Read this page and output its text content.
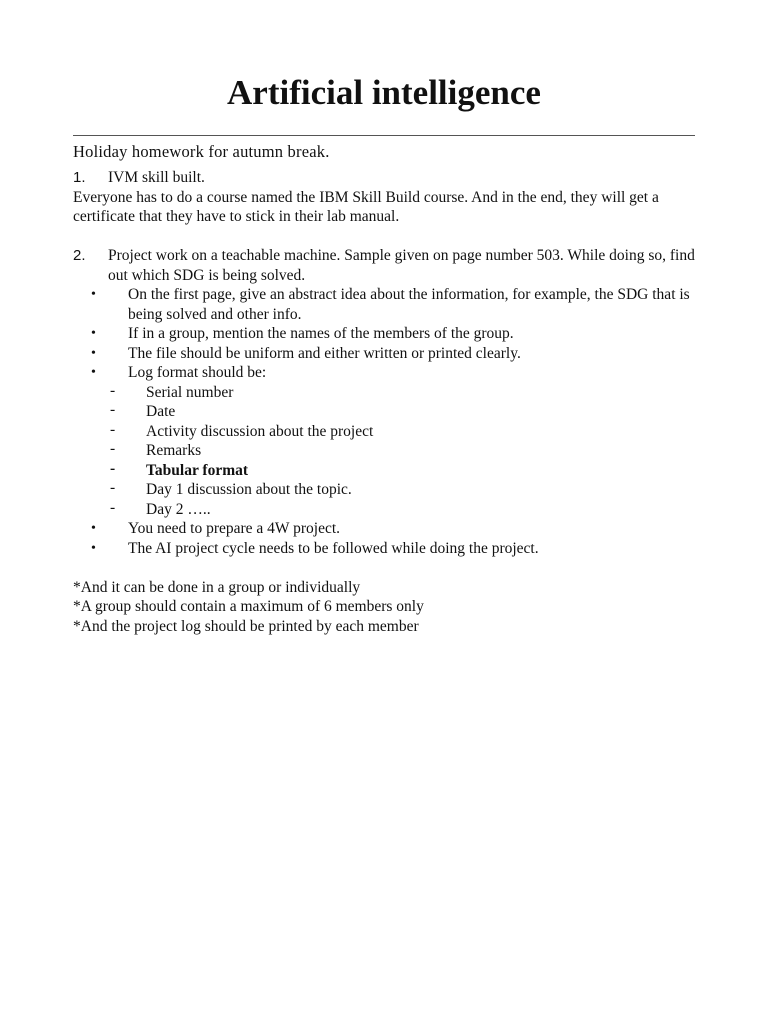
Artificial intelligence

Holiday homework for autumn break.

1. IVM skill built.

Everyone has to do a course named the IBM Skill Build course. And in the end, they will get a certificate that they have to stick in their lab manual.

2. Project work on a teachable machine. Sample given on page number 503. While doing so, find out which SDG is being solved.
• On the first page, give an abstract idea about the information, for example, the SDG that is being solved and other info.
• If in a group, mention the names of the members of the group.
• The file should be uniform and either written or printed clearly.
• Log format should be:
- Serial number
- Date
- Activity discussion about the project
- Remarks
- Tabular format
- Day 1 discussion about the topic.
- Day 2 …..
• You need to prepare a 4W project.
• The AI project cycle needs to be followed while doing the project.

*And it can be done in a group or individually

*A group should contain a maximum of 6 members only

*And the project log should be printed by each member
